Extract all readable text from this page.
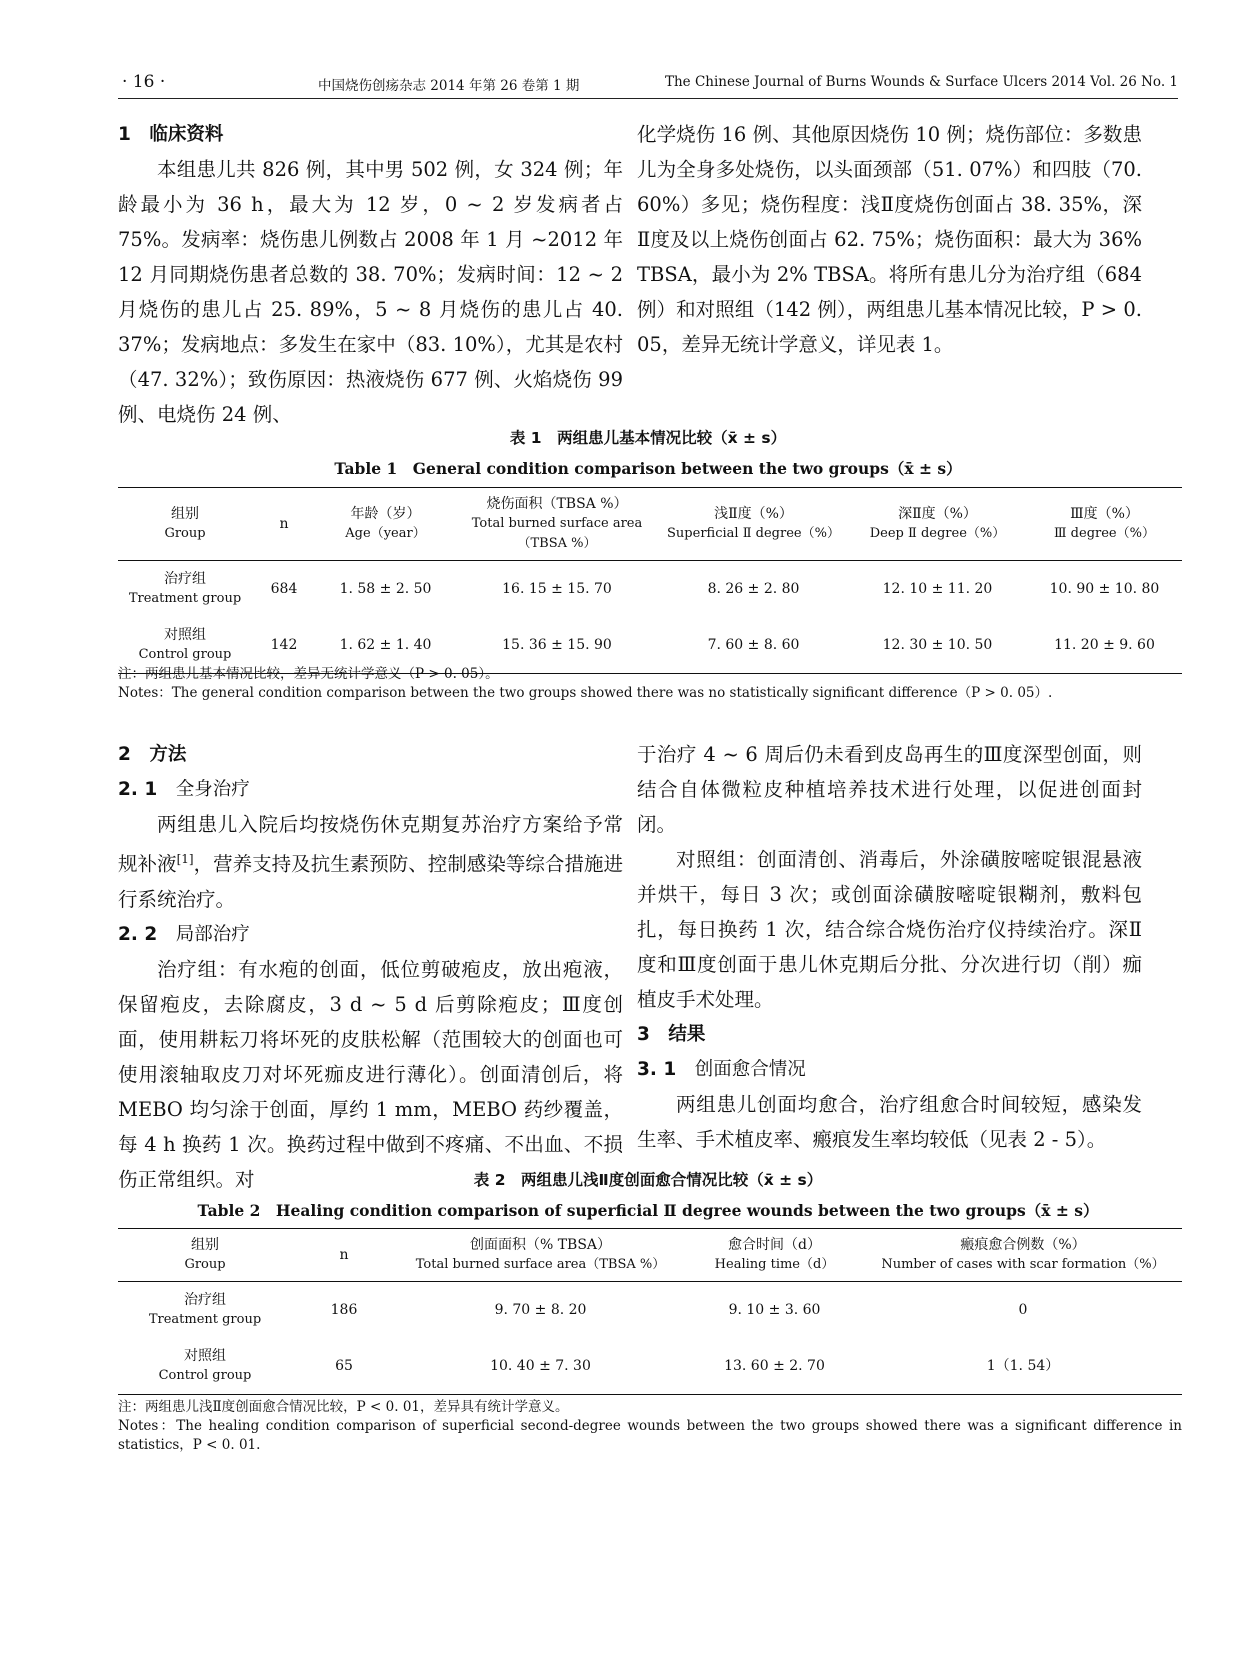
· 16 ·	中国烧伤创疡杂志 2014 年第 26 卷第 1 期	The Chinese Journal of Burns Wounds & Surface Ulcers 2014 Vol. 26 No. 1

1　临床资料

本组患儿共 826 例，其中男 502 例，女 324 例；年龄最小为 36 h，最大为 12 岁，0 ~ 2 岁发病者占 75%。发病率：烧伤患儿例数占 2008 年 1 月 ~2012 年 12 月同期烧伤患者总数的 38. 70%；发病时间：12 ~ 2 月烧伤的患儿占 25. 89%，5 ~ 8 月烧伤的患儿占 40. 37%；发病地点：多发生在家中（83. 10%），尤其是农村（47. 32%）；致伤原因：热液烧伤 677 例、火焰烧伤 99 例、电烧伤 24 例、

化学烧伤 16 例、其他原因烧伤 10 例；烧伤部位：多数患儿为全身多处烧伤，以头面颈部（51. 07%）和四肢（70. 60%）多见；烧伤程度：浅Ⅱ度烧伤创面占 38. 35%，深Ⅱ度及以上烧伤创面占 62. 75%；烧伤面积：最大为 36% TBSA，最小为 2% TBSA。将所有患儿分为治疗组（684 例）和对照组（142 例），两组患儿基本情况比较，P > 0. 05，差异无统计学意义，详见表 1。

表 1　两组患儿基本情况比较（x̄ ± s）
Table 1　General condition comparison between the two groups（x̄ ± s）
组别
Group	n	年龄（岁）
Age（year）	烧伤面积（TBSA %）
Total burned surface area（TBSA %）	浅Ⅱ度（%）
Superficial Ⅱ degree（%）	深Ⅱ度（%）
Deep Ⅱ degree（%）	Ⅲ度（%）
Ⅲ degree（%）

治疗组
Treatment group	684	1. 58 ± 2. 50	16. 15 ± 15. 70	8. 26 ± 2. 80	12. 10 ± 11. 20	10. 90 ± 10. 80

对照组
Control group	142	1. 62 ± 1. 40	15. 36 ± 15. 90	7. 60 ± 8. 60	12. 30 ± 10. 50	11. 20 ± 9. 60

注：两组患儿基本情况比较，差异无统计学意义（P > 0. 05）。

Notes：The general condition comparison between the two groups showed there was no statistically significant difference（P > 0. 05）.

2　方法

2. 1　 全身治疗

两组患儿入院后均按烧伤休克期复苏治疗方案给予常规补液[1]，营养支持及抗生素预防、控制感染等综合措施进行系统治疗。

2. 2　 局部治疗

治疗组：有水疱的创面，低位剪破疱皮，放出疱液，保留疱皮，去除腐皮，3 d ~ 5 d 后剪除疱皮；Ⅲ度创面，使用耕耘刀将坏死的皮肤松解（范围较大的创面也可使用滚轴取皮刀对坏死痂皮进行薄化）。创面清创后，将 MEBO 均匀涂于创面，厚约 1 mm，MEBO 药纱覆盖，每 4 h 换药 1 次。换药过程中做到不疼痛、不出血、不损伤正常组织。对

于治疗 4 ~ 6 周后仍未看到皮岛再生的Ⅲ度深型创面，则结合自体微粒皮种植培养技术进行处理，以促进创面封闭。

对照组：创面清创、消毒后，外涂磺胺嘧啶银混悬液并烘干，每日 3 次；或创面涂磺胺嘧啶银糊剂，敷料包扎，每日换药 1 次，结合综合烧伤治疗仪持续治疗。深Ⅱ度和Ⅲ度创面于患儿休克期后分批、分次进行切（削）痂植皮手术处理。

3　结果

3. 1　 创面愈合情况

两组患儿创面均愈合，治疗组愈合时间较短，感染发生率、手术植皮率、瘢痕发生率均较低（见表 2 - 5）。

表 2　两组患儿浅Ⅱ度创面愈合情况比较（x̄ ± s）
Table 2　Healing condition comparison of superficial Ⅱ degree wounds between the two groups（x̄ ± s）
组别
Group	n	创面面积（% TBSA）
Total burned surface area（TBSA %）	愈合时间（d）
Healing time（d）	瘢痕愈合例数（%）
Number of cases with scar formation（%）

治疗组
Treatment group	186	9. 70 ± 8. 20	9. 10 ± 3. 60	0

对照组
Control group	65	10. 40 ± 7. 30	13. 60 ± 2. 70	1（1. 54）

注：两组患儿浅Ⅱ度创面愈合情况比较，P < 0. 01，差异具有统计学意义。

Notes：The healing condition comparison of superficial second-degree wounds between the two groups showed there was a significant difference in statistics，P < 0. 01.
